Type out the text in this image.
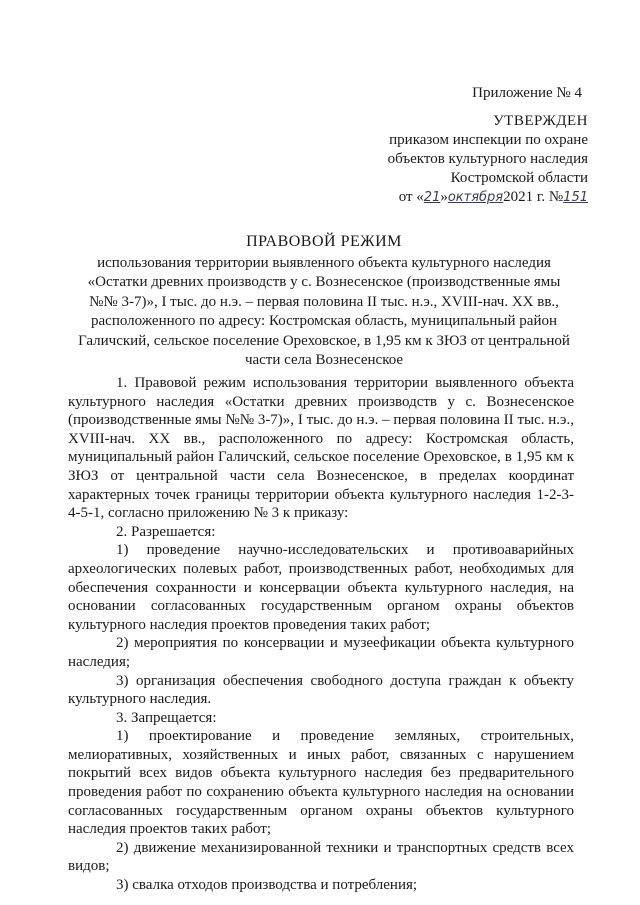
Приложение № 4
УТВЕРЖДЕН
приказом инспекции по охране
объектов культурного наследия
Костромской области
от «21»октября2021 г. №151
ПРАВОВОЙ РЕЖИМ
использования территории выявленного объекта культурного наследия
«Остатки древних производств у с. Вознесенское (производственные ямы
№№ 3-7)», I тыс. до н.э. – первая половина II тыс. н.э., XVIII-нач. XX вв.,
расположенного по адресу: Костромская область, муниципальный район
Галичский, сельское поселение Ореховское, в 1,95 км к ЗЮЗ от центральной
части села Вознесенское

1. Правовой режим использования территории выявленного объекта культурного наследия «Остатки древних производств у с. Вознесенское (производственные ямы №№ 3-7)», I тыс. до н.э. – первая половина II тыс. н.э., XVIII-нач. XX вв., расположенного по адресу: Костромская область, муниципальный район Галичский, сельское поселение Ореховское, в 1,95 км к ЗЮЗ от центральной части села Вознесенское, в пределах координат характерных точек границы территории объекта культурного наследия 1-2-3-4-5-1, согласно приложению № 3 к приказу:

2. Разрешается:

1) проведение научно-исследовательских и противоаварийных археологических полевых работ, производственных работ, необходимых для обеспечения сохранности и консервации объекта культурного наследия, на основании согласованных государственным органом охраны объектов культурного наследия проектов проведения таких работ;

2) мероприятия по консервации и музеефикации объекта культурного наследия;

3) организация обеспечения свободного доступа граждан к объекту культурного наследия.

3. Запрещается:

1) проектирование и проведение земляных, строительных, мелиоративных, хозяйственных и иных работ, связанных с нарушением покрытий всех видов объекта культурного наследия без предварительного проведения работ по сохранению объекта культурного наследия на основании согласованных государственным органом охраны объектов культурного наследия проектов таких работ;

2) движение механизированной техники и транспортных средств всех видов;

3) свалка отходов производства и потребления;
